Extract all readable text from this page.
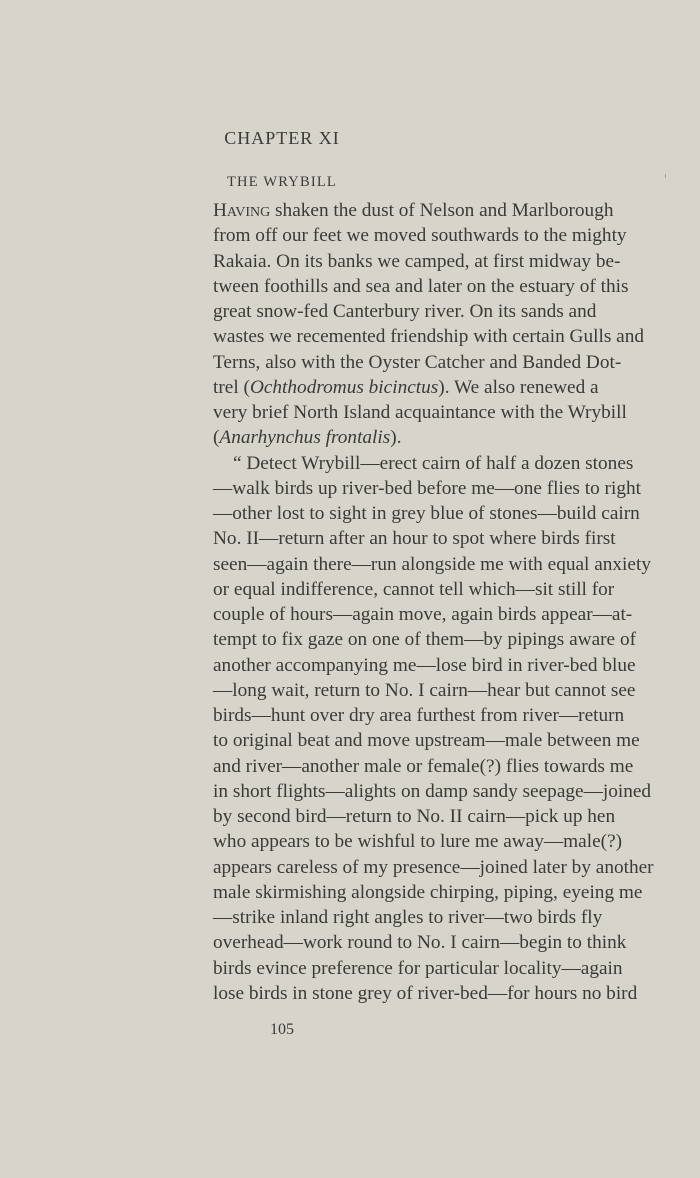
CHAPTER XI
THE WRYBILL
Having shaken the dust of Nelson and Marlborough
from off our feet we moved southwards to the mighty
Rakaia. On its banks we camped, at first midway be-
tween foothills and sea and later on the estuary of this
great snow-fed Canterbury river. On its sands and
wastes we recemented friendship with certain Gulls and
Terns, also with the Oyster Catcher and Banded Dot-
trel (Ochthodromus bicinctus). We also renewed a
very brief North Island acquaintance with the Wrybill
(Anarhynchus frontalis).
“ Detect Wrybill—erect cairn of half a dozen stones
—walk birds up river-bed before me—one flies to right
—other lost to sight in grey blue of stones—build cairn
No. II—return after an hour to spot where birds first
seen—again there—run alongside me with equal anxiety
or equal indifference, cannot tell which—sit still for
couple of hours—again move, again birds appear—at-
tempt to fix gaze on one of them—by pipings aware of
another accompanying me—lose bird in river-bed blue
—long wait, return to No. I cairn—hear but cannot see
birds—hunt over dry area furthest from river—return
to original beat and move upstream—male between me
and river—another male or female(?) flies towards me
in short flights—alights on damp sandy seepage—joined
by second bird—return to No. II cairn—pick up hen
who appears to be wishful to lure me away—male(?)
appears careless of my presence—joined later by another
male skirmishing alongside chirping, piping, eyeing me
—strike inland right angles to river—two birds fly
overhead—work round to No. I cairn—begin to think
birds evince preference for particular locality—again
lose birds in stone grey of river-bed—for hours no bird
105
